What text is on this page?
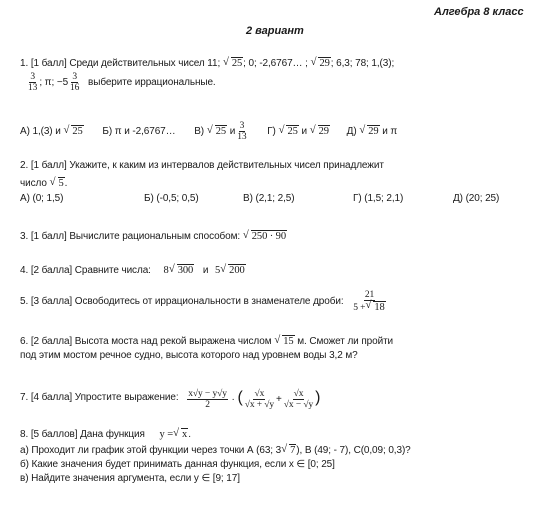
Алгебра 8 класс
2 вариант
1. [1 балл] Среди действительных чисел 11; √ 25; 0; -2,6767… ; √ 29; 6,3; 78; 1,(3);
$\frac{3}{13}$ ; π; $-5 \frac{3}{16}$ выберите иррациональные.
А) 1,(3) и √ 25 Б) π и -2,6767… В) √ 25 и $\frac{3}{13} Г$) √ 25 и √ 29 Д) √ 29 и π
2. [1 балл] Укажите, к каким из интервалов действительных чисел принадлежит
число √ 5.
А) (0; 1,5)	Б) (-0,5; 0,5)	В) (2,1; 2,5)	Г) (1,5; 2,1)	Д) (20; 25)
3. [1 балл] Вычислите рациональным способом: √ 250 · 90
4. [2 балла] Сравните числа: 8 √ 300 и 5 √ 200
5. [3 балла] Освободитесь от иррациональности в знаменателе дроби: $\frac{21}{5 + √ 18}$
6. [2 балла] Высота моста над рекой выражена числом √ 15 м. Сможет ли пройти
под этим мостом речное судно, высота которого над уровнем воды 3,2 м?
7. [4 балла] Упростите выражение: $\frac{x√y - y√y}{2}$ · ( $\frac{√x}{√x + √y} + \frac{√x}{√x - √y}$ )
8. [5 баллов] Дана функция y = √ x.
а) Проходит ли график этой функции через точки А (63; 3 √ 7), В (49; - 7), С(0,09; 0,3)?
б) Какие значения будет принимать данная функция, если x ∈ [0; 25]
в) Найдите значения аргумента, если y ∈ [9; 17]
